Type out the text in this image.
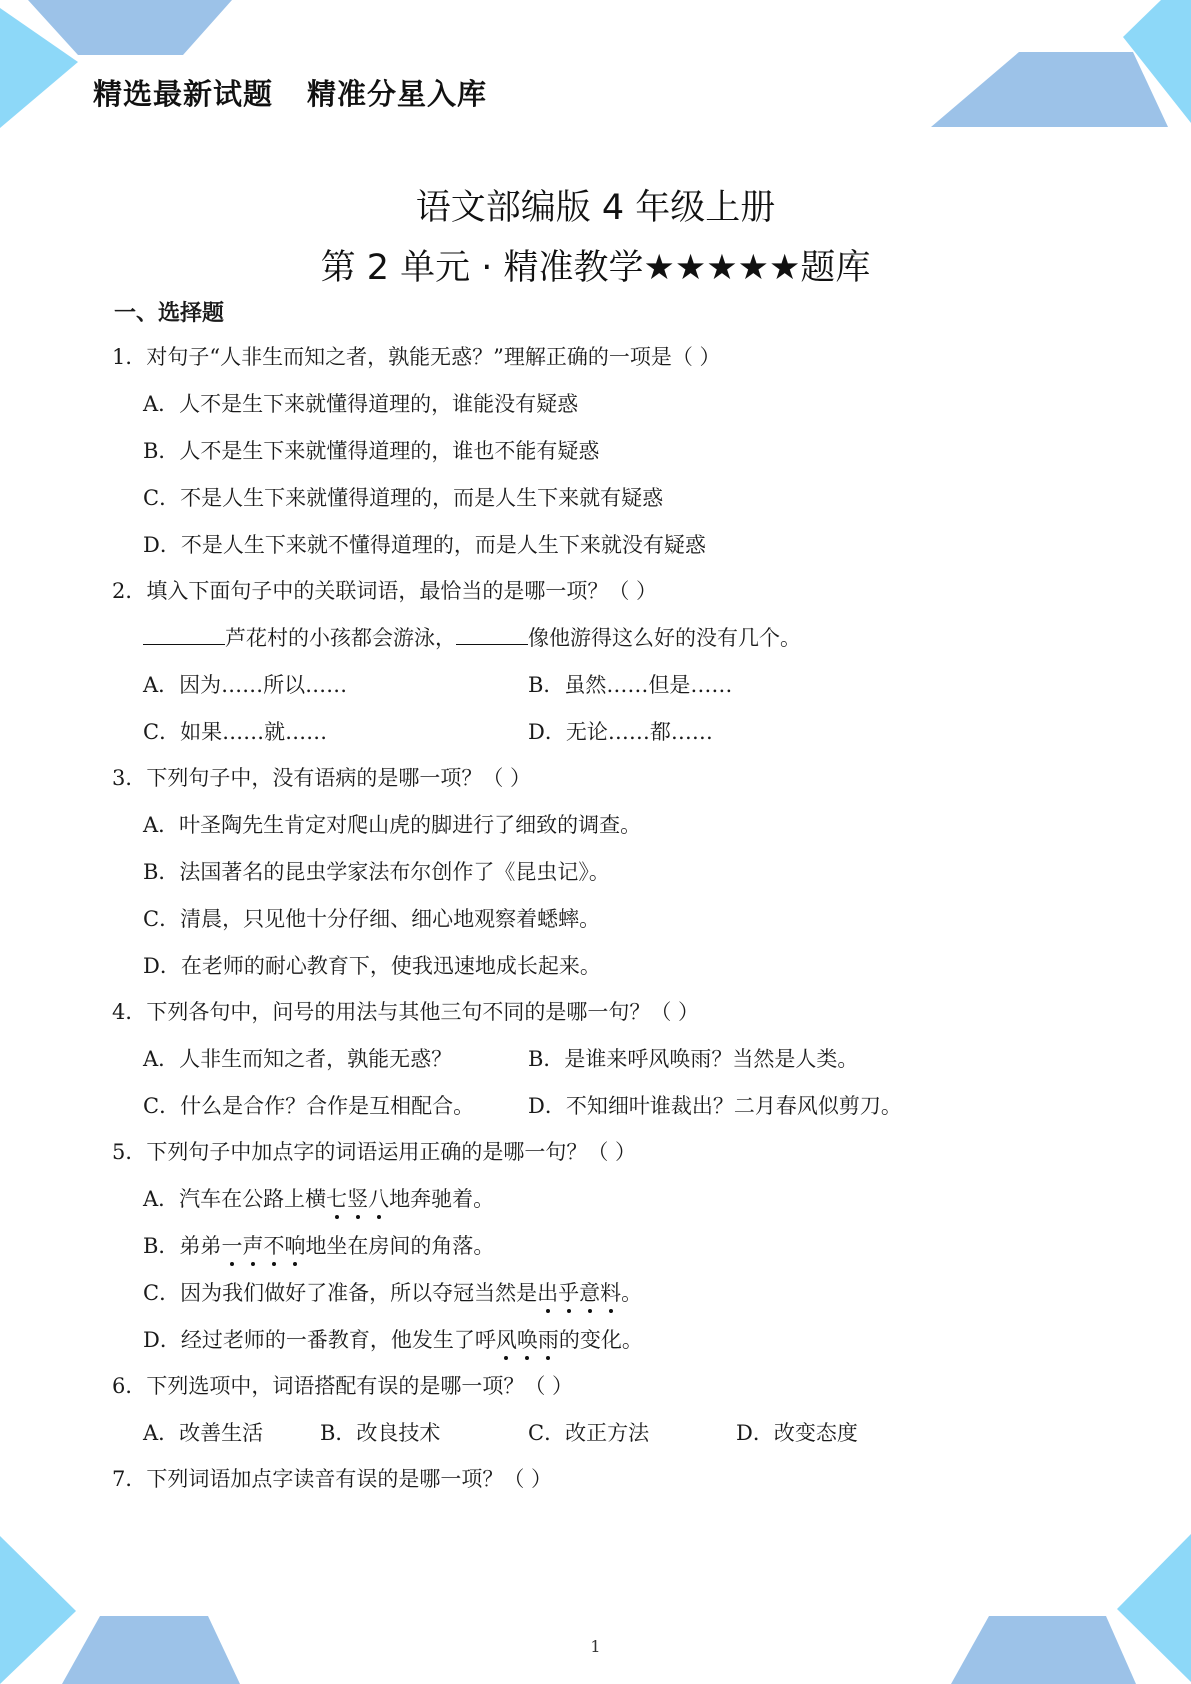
精选最新试题 精准分星入库
语文部编版 4 年级上册
第 2 单元 · 精准教学★★★★★题库
一、选择题
1．对句子“人非生而知之者，孰能无惑？”理解正确的一项是（ ）
A．人不是生下来就懂得道理的，谁能没有疑惑
B．人不是生下来就懂得道理的，谁也不能有疑惑
C．不是人生下来就懂得道理的，而是人生下来就有疑惑
D．不是人生下来就不懂得道理的，而是人生下来就没有疑惑
2．填入下面句子中的关联词语，最恰当的是哪一项？（ ）
芦花村的小孩都会游泳，	像他游得这么好的没有几个。
A．因为……所以……	B．虽然……但是……
C．如果……就……	D．无论……都……
3．下列句子中，没有语病的是哪一项？（ ）
A．叶圣陶先生肯定对爬山虎的脚进行了细致的调查。
B．法国著名的昆虫学家法布尔创作了《昆虫记》。
C．清晨，只见他十分仔细、细心地观察着蟋蟀。
D．在老师的耐心教育下，使我迅速地成长起来。
4．下列各句中，问号的用法与其他三句不同的是哪一句？（ ）
A．人非生而知之者，孰能无惑？	B．是谁来呼风唤雨？当然是人类。
C．什么是合作？合作是互相配合。	D．不知细叶谁裁出？二月春风似剪刀。
5．下列句子中加点字的词语运用正确的是哪一句？（ ）
A．汽车在公路上横七竖八地奔驰着。
B．弟弟一声不响地坐在房间的角落。
C．因为我们做好了准备，所以夺冠当然是出乎意料。
D．经过老师的一番教育，他发生了呼风唤雨的变化。
6．下列选项中，词语搭配有误的是哪一项？（ ）
A．改善生活	B．改良技术	C．改正方法	D．改变态度
7．下列词语加点字读音有误的是哪一项？（ ）
1
